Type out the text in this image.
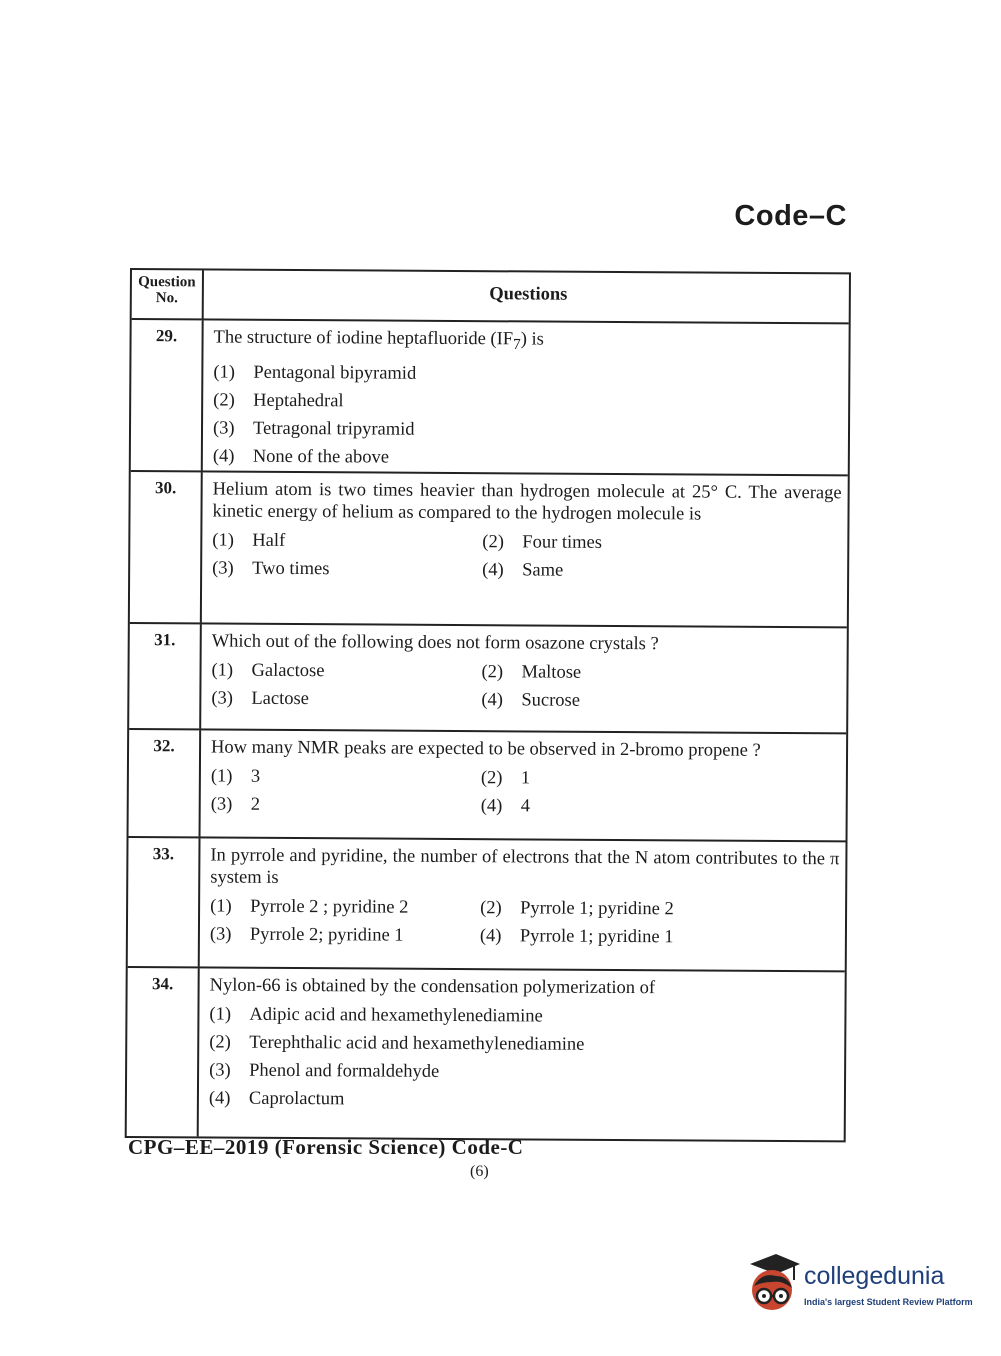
Code–C
Question
No.	Questions
29.	The structure of iodine heptafluoride $(IF_7)$ is
(1) Pentagonal bipyramid
(2) Heptahedral
(3) Tetragonal tripyramid
(4) None of the above
30.	Helium atom is two times heavier than hydrogen molecule at 25° C. The average kinetic energy of helium as compared to the hydrogen molecule is
(1) Half	(2) Four times
(3) Two times	(4) Same
31.	Which out of the following does not form osazone crystals ?
(1) Galactose	(2) Maltose
(3) Lactose	(4) Sucrose
32.	How many NMR peaks are expected to be observed in 2-bromo propene ?
(1) 3	(2) 1
(3) 2	(4) 4
33.	In pyrrole and pyridine, the number of electrons that the N atom contributes to the π system is
(1) Pyrrole 2 ; pyridine 2	(2) Pyrrole 1; pyridine 2
(3) Pyrrole 2; pyridine 1	(4) Pyrrole 1; pyridine 1
34.	Nylon-66 is obtained by the condensation polymerization of
(1) Adipic acid and hexamethylenediamine
(2) Terephthalic acid and hexamethylenediamine
(3) Phenol and formaldehyde
(4) Caprolactum
CPG–EE–2019 (Forensic Science) Code-C
(6)
collegedunia
India's largest Student Review Platform
